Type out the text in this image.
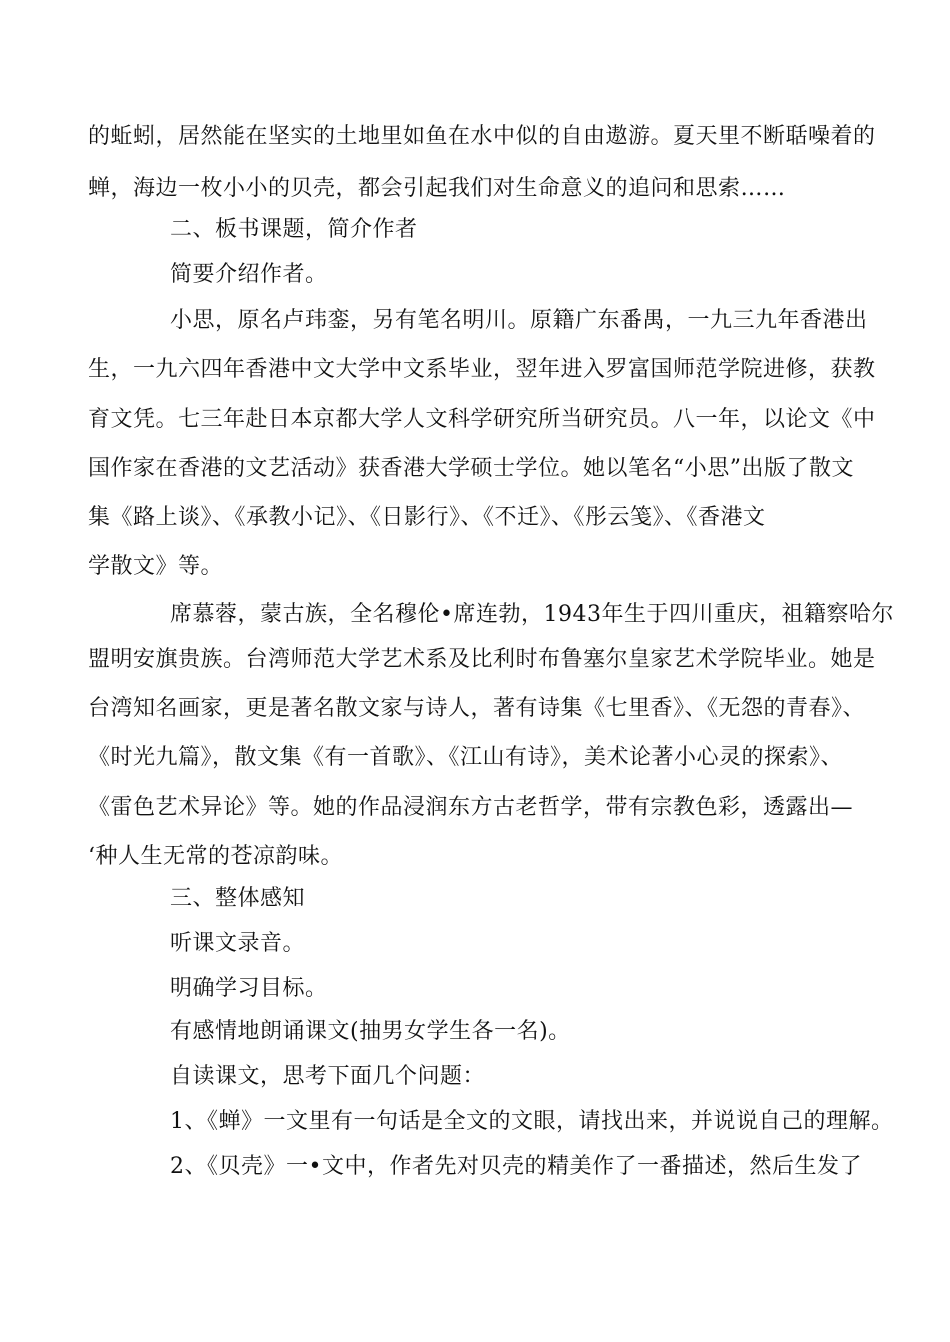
的蚯蚓，居然能在坚实的土地里如鱼在水中似的自由遨游。夏天里不断聒噪着的
蝉，海边一枚小小的贝壳，都会引起我们对生命意义的追问和思索……
二、板书课题，简介作者
简要介绍作者。
小思，原名卢玮銮，另有笔名明川。原籍广东番禺，一九三九年香港出
生，一九六四年香港中文大学中文系毕业，翌年进入罗富国师范学院进修，获教
育文凭。七三年赴日本京都大学人文科学研究所当研究员。八一年，以论文《中
国作家在香港的文艺活动》获香港大学硕士学位。她以笔名“小思”出版了散文
集《路上谈》、《承教小记》、《日影行》、《不迁》、《彤云笺》、《香港文
学散文》等。
席慕蓉，蒙古族，全名穆伦•席连勃，1943年生于四川重庆，祖籍察哈尔
盟明安旗贵族。台湾师范大学艺术系及比利时布鲁塞尔皇家艺术学院毕业。她是
台湾知名画家，更是著名散文家与诗人，著有诗集《七里香》、《无怨的青春》、
《时光九篇》，散文集《有一首歌》、《江山有诗》，美术论著小心灵的探索》、
《雷色艺术异论》等。她的作品浸润东方古老哲学，带有宗教色彩，透露出—
‘种人生无常的苍凉韵味。
三、整体感知
听课文录音。
明确学习目标。
有感情地朗诵课文(抽男女学生各一名)。
自读课文，思考下面几个问题：
1、《蝉》一文里有一句话是全文的文眼，请找出来，并说说自己的理解。
2、《贝壳》一•文中，作者先对贝壳的精美作了一番描述，然后生发了
